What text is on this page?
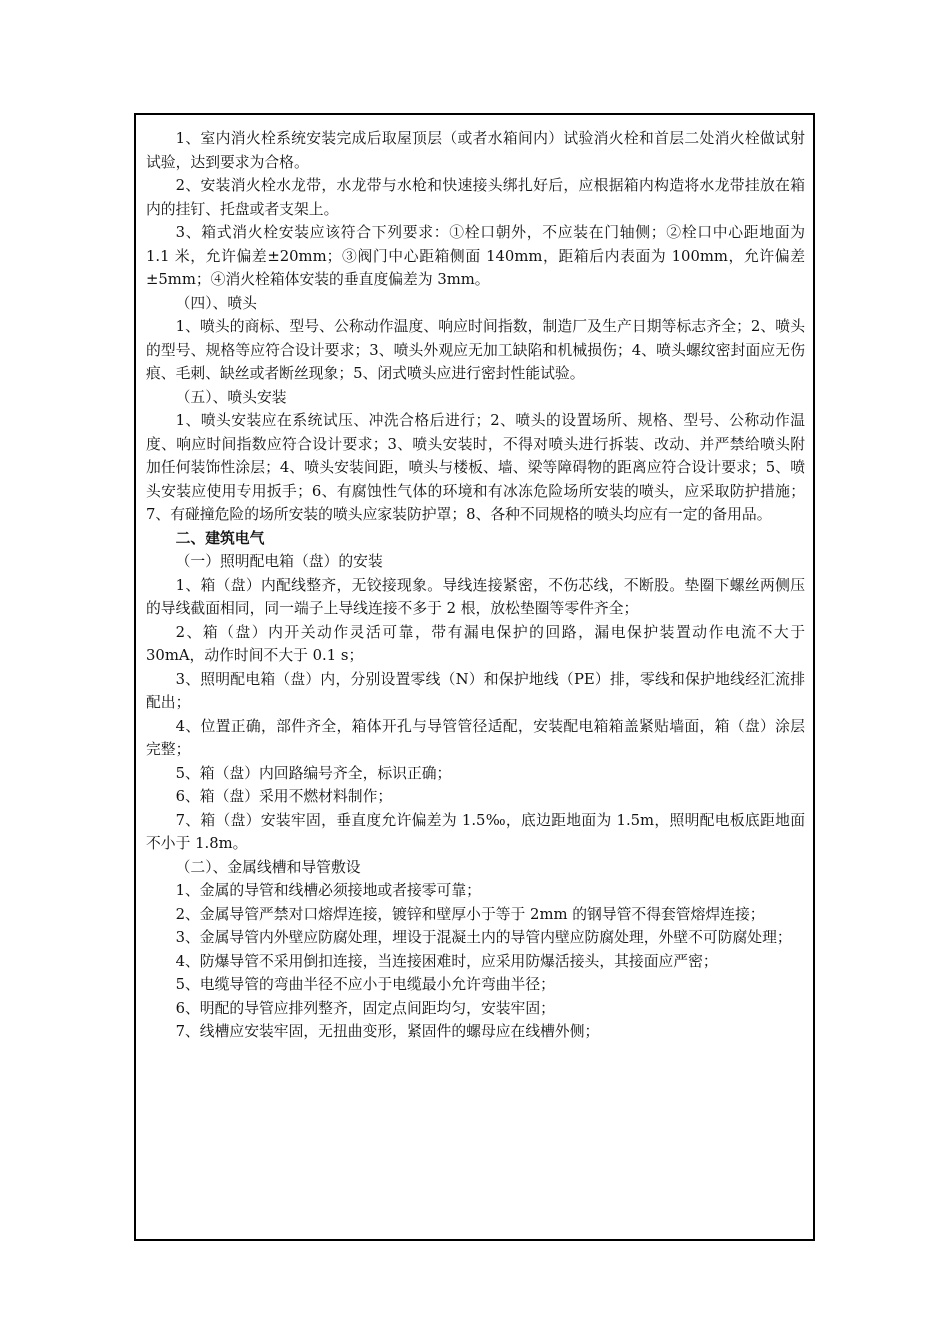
1、室内消火栓系统安装完成后取屋顶层（或者水箱间内）试验消火栓和首层二处消火栓做试射试验，达到要求为合格。

2、安装消火栓水龙带，水龙带与水枪和快速接头绑扎好后，应根据箱内构造将水龙带挂放在箱内的挂钉、托盘或者支架上。

3、箱式消火栓安装应该符合下列要求：①栓口朝外，不应装在门轴侧；②栓口中心距地面为 1.1 米，允许偏差±20mm；③阀门中心距箱侧面 140mm，距箱后内表面为 100mm，允许偏差±5mm；④消火栓箱体安装的垂直度偏差为 3mm。

（四）、喷头

1、喷头的商标、型号、公称动作温度、响应时间指数，制造厂及生产日期等标志齐全；2、喷头的型号、规格等应符合设计要求；3、喷头外观应无加工缺陷和机械损伤；4、喷头螺纹密封面应无伤痕、毛刺、缺丝或者断丝现象；5、闭式喷头应进行密封性能试验。

（五）、喷头安装

1、喷头安装应在系统试压、冲洗合格后进行；2、喷头的设置场所、规格、型号、公称动作温度、响应时间指数应符合设计要求；3、喷头安装时，不得对喷头进行拆装、改动、并严禁给喷头附加任何装饰性涂层；4、喷头安装间距，喷头与楼板、墙、梁等障碍物的距离应符合设计要求；5、喷头安装应使用专用扳手；6、有腐蚀性气体的环境和有冰冻危险场所安装的喷头，应采取防护措施；7、有碰撞危险的场所安装的喷头应家装防护罩；8、各种不同规格的喷头均应有一定的备用品。

二、建筑电气

（一）照明配电箱（盘）的安装

1、箱（盘）内配线整齐，无铰接现象。导线连接紧密，不伤芯线，不断股。垫圈下螺丝两侧压的导线截面相同，同一端子上导线连接不多于 2 根，放松垫圈等零件齐全；

2、箱（盘）内开关动作灵活可靠，带有漏电保护的回路，漏电保护装置动作电流不大于 30mA，动作时间不大于 0.1 s；

3、照明配电箱（盘）内，分别设置零线（N）和保护地线（PE）排，零线和保护地线经汇流排配出；

4、位置正确，部件齐全，箱体开孔与导管管径适配，安装配电箱箱盖紧贴墙面，箱（盘）涂层完整；

5、箱（盘）内回路编号齐全，标识正确；

6、箱（盘）采用不燃材料制作；

7、箱（盘）安装牢固，垂直度允许偏差为 1.5‰，底边距地面为 1.5m，照明配电板底距地面不小于 1.8m。

（二）、金属线槽和导管敷设

1、金属的导管和线槽必须接地或者接零可靠；

2、金属导管严禁对口熔焊连接，镀锌和壁厚小于等于 2mm 的钢导管不得套管熔焊连接；

3、金属导管内外壁应防腐处理，埋设于混凝土内的导管内壁应防腐处理，外壁不可防腐处理；

4、防爆导管不采用倒扣连接，当连接困难时，应采用防爆活接头，其接面应严密；

5、电缆导管的弯曲半径不应小于电缆最小允许弯曲半径；

6、明配的导管应排列整齐，固定点间距均匀，安装牢固；

7、线槽应安装牢固，无扭曲变形，紧固件的螺母应在线槽外侧；
